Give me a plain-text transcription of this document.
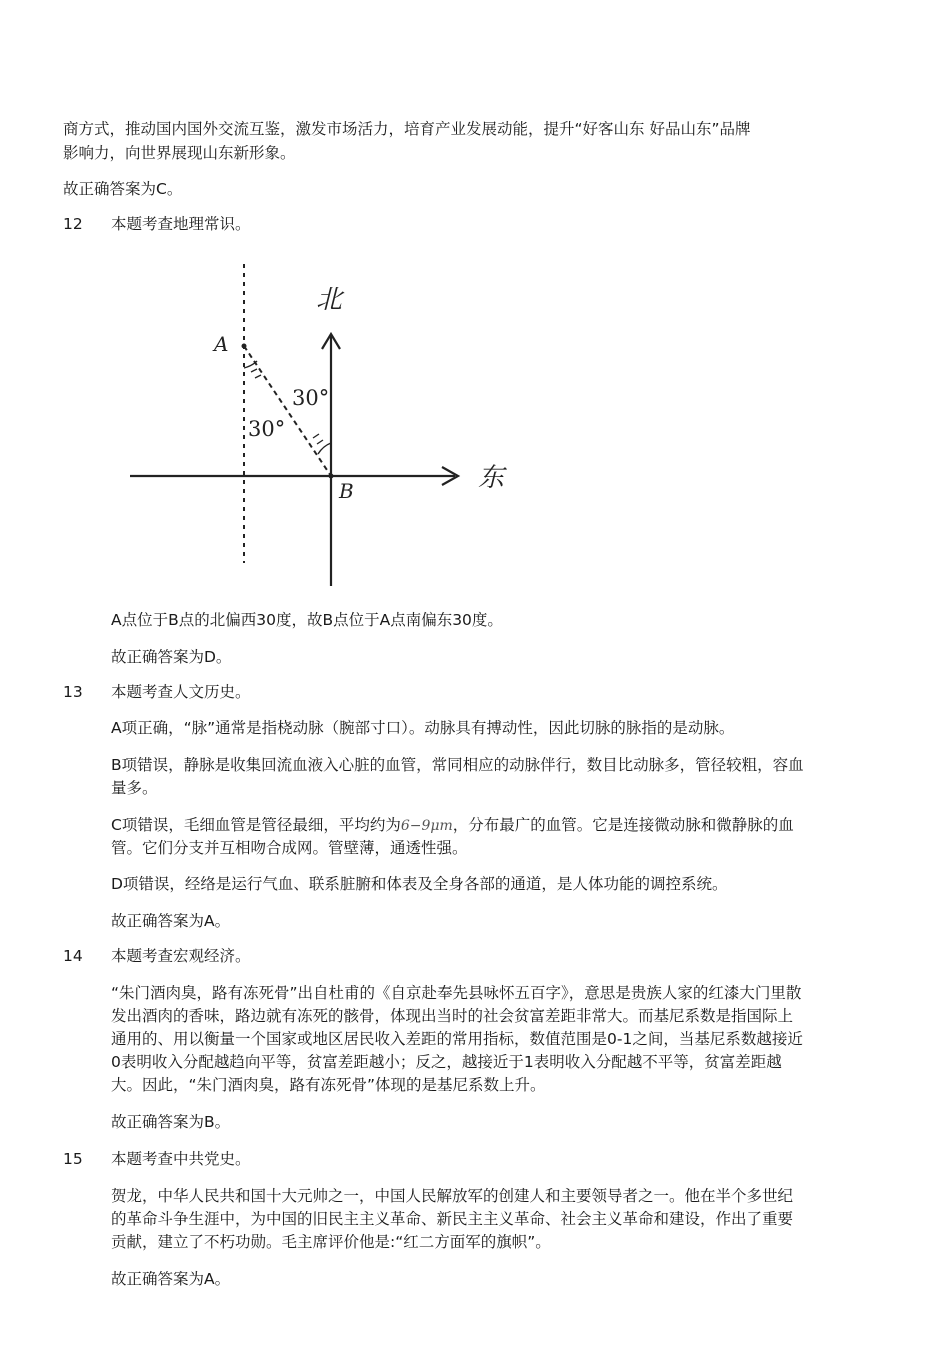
商方式，推动国内国外交流互鉴，激发市场活力，培育产业发展动能，提升“好客山东 好品山东”品牌
影响力，向世界展现山东新形象。
故正确答案为C。
12 本题考查地理常识。
北
东
A
B
30°
30°
A点位于B点的北偏西30度，故B点位于A点南偏东30度。
故正确答案为D。
13 本题考查人文历史。
A项正确，“脉”通常是指桡动脉（腕部寸口）。动脉具有搏动性，因此切脉的脉指的是动脉。
B项错误，静脉是收集回流血液入心脏的血管，常同相应的动脉伴行，数目比动脉多，管径较粗，容血
量多。
C项错误，毛细血管是管径最细，平均约为6−9μm，分布最广的血管。它是连接微动脉和微静脉的血
管。它们分支并互相吻合成网。管壁薄，通透性强。
D项错误，经络是运行气血、联系脏腑和体表及全身各部的通道，是人体功能的调控系统。
故正确答案为A。
14 本题考查宏观经济。
“朱门酒肉臭，路有冻死骨”出自杜甫的《自京赴奉先县咏怀五百字》，意思是贵族人家的红漆大门里散
发出酒肉的香味，路边就有冻死的骸骨，体现出当时的社会贫富差距非常大。而基尼系数是指国际上
通用的、用以衡量一个国家或地区居民收入差距的常用指标，数值范围是0-1之间，当基尼系数越接近
0表明收入分配越趋向平等，贫富差距越小；反之，越接近于1表明收入分配越不平等，贫富差距越
大。因此，“朱门酒肉臭，路有冻死骨”体现的是基尼系数上升。
故正确答案为B。
15 本题考查中共党史。
贺龙，中华人民共和国十大元帅之一，中国人民解放军的创建人和主要领导者之一。他在半个多世纪
的革命斗争生涯中，为中国的旧民主主义革命、新民主主义革命、社会主义革命和建设，作出了重要
贡献，建立了不朽功勋。毛主席评价他是:“红二方面军的旗帜”。
故正确答案为A。
